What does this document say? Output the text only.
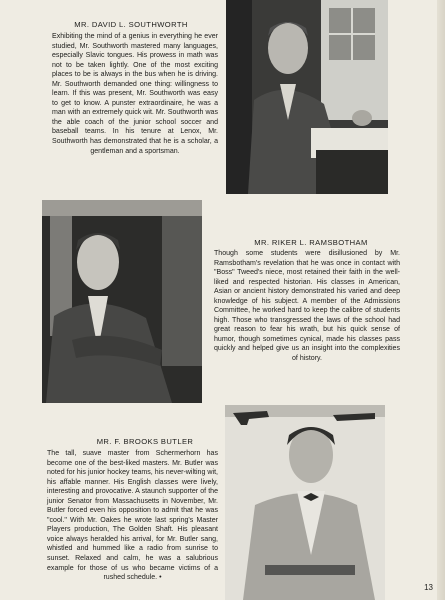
MR. DAVID L. SOUTHWORTH
Exhibiting the mind of a genius in everything he ever studied, Mr. Southworth mastered many languages, especially Slavic tongues. His prowess in math was not to be taken lightly. One of the most exciting places to be is always in the bus when he is driving. Mr. Southworth demanded one thing: willingness to learn. If this was present, Mr. Southworth was easy to get to know. A punster extraordinaire, he was a man with an extremely quick wit. Mr. Southworth was the able coach of the junior school soccer and baseball teams. In his tenure at Lenox, Mr. Southworth has demonstrated that he is a scholar, a gentleman and a sportsman.
MR. RIKER L. RAMSBOTHAM
Though some students were disillusioned by Mr. Ramsbotham's revelation that he was once in contact with "Boss" Tweed's niece, most retained their faith in the well-liked and respected historian. His classes in American, Asian or ancient history demonstrated his varied and deep knowledge of his subject. A member of the Admissions Committee, he worked hard to keep the calibre of students high. Those who transgressed the laws of the school had great reason to fear his wrath, but his quick sense of humor, though sometimes cynical, made his classes pass quickly and helped give us an insight into the complexities of history.
MR. F. BROOKS BUTLER
The tall, suave master from Schermerhorn has become one of the best-liked masters. Mr. Butler was noted for his junior hockey teams, his never-wilting wit, his affable manner. His English classes were lively, interesting and provocative. A staunch supporter of the junior Senator from Massachusetts in November, Mr. Butler forced even his opposition to admit that he was "cool." With Mr. Oakes he wrote last spring's Master Players production, The Golden Shaft. His pleasant voice always heralded his arrival, for Mr. Butler sang, whistled and hummed like a radio from sunrise to sunset. Relaxed and calm, he was a salubrious example for those of us who became victims of a rushed schedule. •
13
